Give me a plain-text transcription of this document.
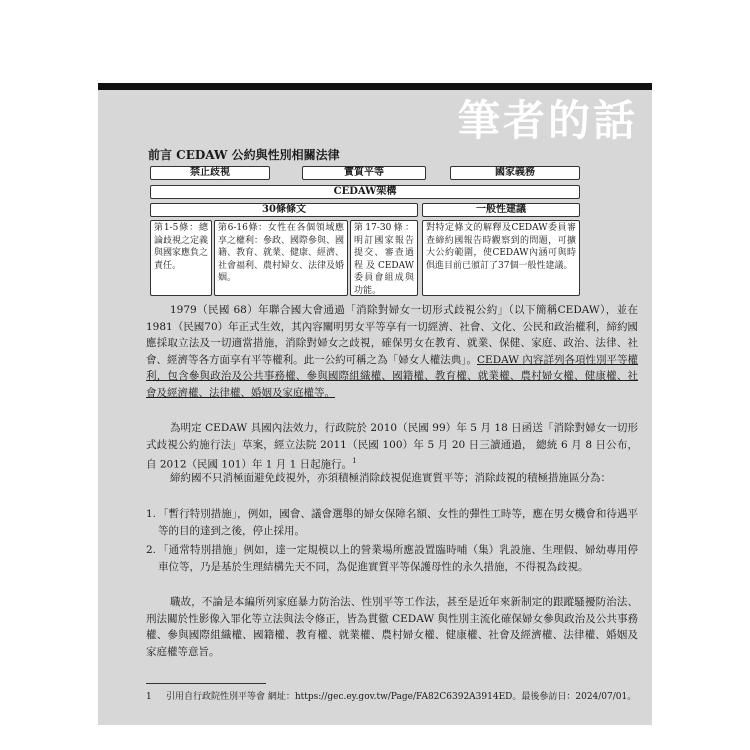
筆者的話
前言 CEDAW 公約與性別相關法律
禁止歧視	實質平等	國家義務
CEDAW架構
30條條文	一般性建議
第1-5條：總論歧視之定義與國家應負之責任。
第6-16條：女性在各個領域應享之權利：參政、國際參與、國籍、教育、就業、健康、經濟、社會福利、農村婦女、法律及婚姻。
第17-30條：明訂國家報告提交、審查過程及CEDAW委員會組成與功能。
對特定條文的解釋及CEDAW委員審查締約國報告時觀察到的問題，可擴大公約範圍，使CEDAW內涵可與時俱進目前已頒訂了37個一般性建議。
1979（民國 68）年聯合國大會通過「消除對婦女一切形式歧視公約」（以下簡稱CEDAW），並在1981（民國70）年正式生效，其內容闡明男女平等享有一切經濟、社會、文化、公民和政治權利，締約國應採取立法及一切適當措施，消除對婦女之歧視，確保男女在教育、就業、保健、家庭、政治、法律、社會、經濟等各方面享有平等權利。此一公約可稱之為「婦女人權法典」。CEDAW 內容詳列各項性別平等權利，包含參與政治及公共事務權、參與國際組織權、國籍權、教育權、就業權、農村婦女權、健康權、社會及經濟權、法律權、婚姻及家庭權等。
為明定 CEDAW 具國內法效力，行政院於 2010（民國 99）年 5 月 18 日函送「消除對婦女一切形式歧視公約施行法」草案，經立法院 2011（民國 100）年 5 月 20 日三讀通過， 總統 6 月 8 日公布，自 2012（民國 101）年 1 月 1 日起施行。$^1$
締約國不只消極面避免歧視外，亦須積極消除歧視促進實質平等；消除歧視的積極措施區分為：
1. 「暫行特別措施」，例如，國會、議會選舉的婦女保障名額、女性的彈性工時等，應在男女機會和待遇平等的目的達到之後，停止採用。
2. 「通常特別措施」例如，達一定規模以上的營業場所應設置臨時哺（集）乳設施、生理假、婦幼專用停車位等，乃是基於生理結構先天不同，為促進實質平等保護母性的永久措施，不得視為歧視。
職故，不論是本編所列家庭暴力防治法、性別平等工作法，甚至是近年來新制定的跟蹤騷擾防治法、刑法關於性影像入罪化等立法與法令修正，皆為貫徹 CEDAW 與性別主流化確保婦女參與政治及公共事務權、參與國際組織權、國籍權、教育權、就業權、農村婦女權、健康權、社會及經濟權、法律權、婚姻及家庭權等意旨。
1 引用自行政院性別平等會 網址：https://gec.ey.gov.tw/Page/FA82C6392A3914ED。最後參訪日：2024/07/01。
